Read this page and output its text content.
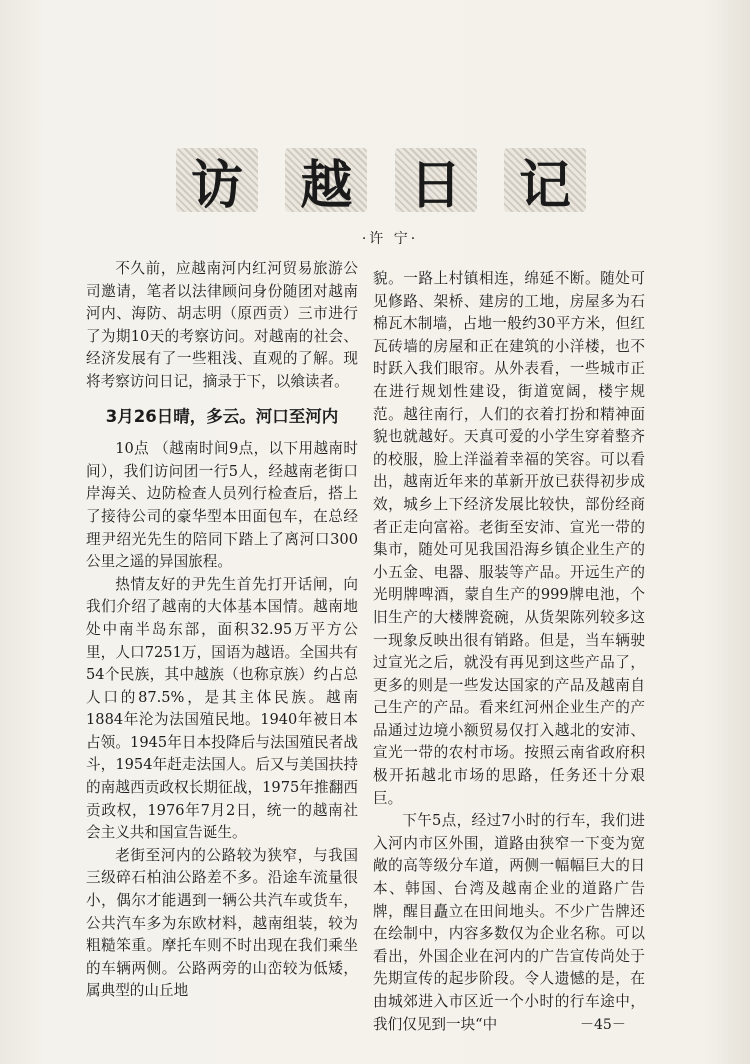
访 越 日 记
·许 宁·

不久前，应越南河内红河贸易旅游公司邀请，笔者以法律顾问身份随团对越南河内、海防、胡志明（原西贡）三市进行了为期10天的考察访问。对越南的社会、经济发展有了一些粗浅、直观的了解。现将考察访问日记，摘录于下，以飨读者。

3月26日晴，多云。河口至河内

10点 （越南时间9点，以下用越南时间），我们访问团一行5人，经越南老街口岸海关、边防检查人员列行检查后，搭上了接待公司的豪华型本田面包车，在总经理尹绍光先生的陪同下踏上了离河口300公里之遥的异国旅程。

热情友好的尹先生首先打开话闸，向我们介绍了越南的大体基本国情。越南地处中南半岛东部，面积32.95万平方公里，人口7251万，国语为越语。全国共有54个民族，其中越族（也称京族）约占总人口的87.5%，是其主体民族。越南1884年沦为法国殖民地。1940年被日本占领。1945年日本投降后与法国殖民者战斗，1954年赶走法国人。后又与美国扶持的南越西贡政权长期征战，1975年推翻西贡政权，1976年7月2日，统一的越南社会主义共和国宣告诞生。

老街至河内的公路较为狭窄，与我国三级碎石柏油公路差不多。沿途车流量很小，偶尔才能遇到一辆公共汽车或货车，公共汽车多为东欧材料，越南组装，较为粗糙笨重。摩托车则不时出现在我们乘坐的车辆两侧。公路两旁的山峦较为低矮，属典型的山丘地

貌。一路上村镇相连，绵延不断。随处可见修路、架桥、建房的工地，房屋多为石棉瓦木制墙，占地一般约30平方米，但红瓦砖墙的房屋和正在建筑的小洋楼，也不时跃入我们眼帘。从外表看，一些城市正在进行规划性建设，街道宽阔，楼宇规范。越往南行，人们的衣着打扮和精神面貌也就越好。天真可爱的小学生穿着整齐的校服，脸上洋溢着幸福的笑容。可以看出，越南近年来的革新开放已获得初步成效，城乡上下经济发展比较快，部份经商者正走向富裕。老街至安沛、宣光一带的集市，随处可见我国沿海乡镇企业生产的小五金、电器、服装等产品。开远生产的光明牌啤酒，蒙自生产的999牌电池，个旧生产的大楼牌瓷碗，从货架陈列较多这一现象反映出很有销路。但是，当车辆驶过宣光之后，就没有再见到这些产品了，更多的则是一些发达国家的产品及越南自己生产的产品。看来红河州企业生产的产品通过边境小额贸易仅打入越北的安沛、宣光一带的农村市场。按照云南省政府积极开拓越北市场的思路，任务还十分艰巨。

下午5点，经过7小时的行车，我们进入河内市区外围，道路由狭窄一下变为宽敞的高等级分车道，两侧一幅幅巨大的日本、韩国、台湾及越南企业的道路广告牌，醒目矗立在田间地头。不少广告牌还在绘制中，内容多数仅为企业名称。可以看出，外国企业在河内的广告宣传尚处于先期宣传的起步阶段。令人遗憾的是，在由城郊进入市区近一个小时的行车途中，我们仅见到一块“中	－45－
